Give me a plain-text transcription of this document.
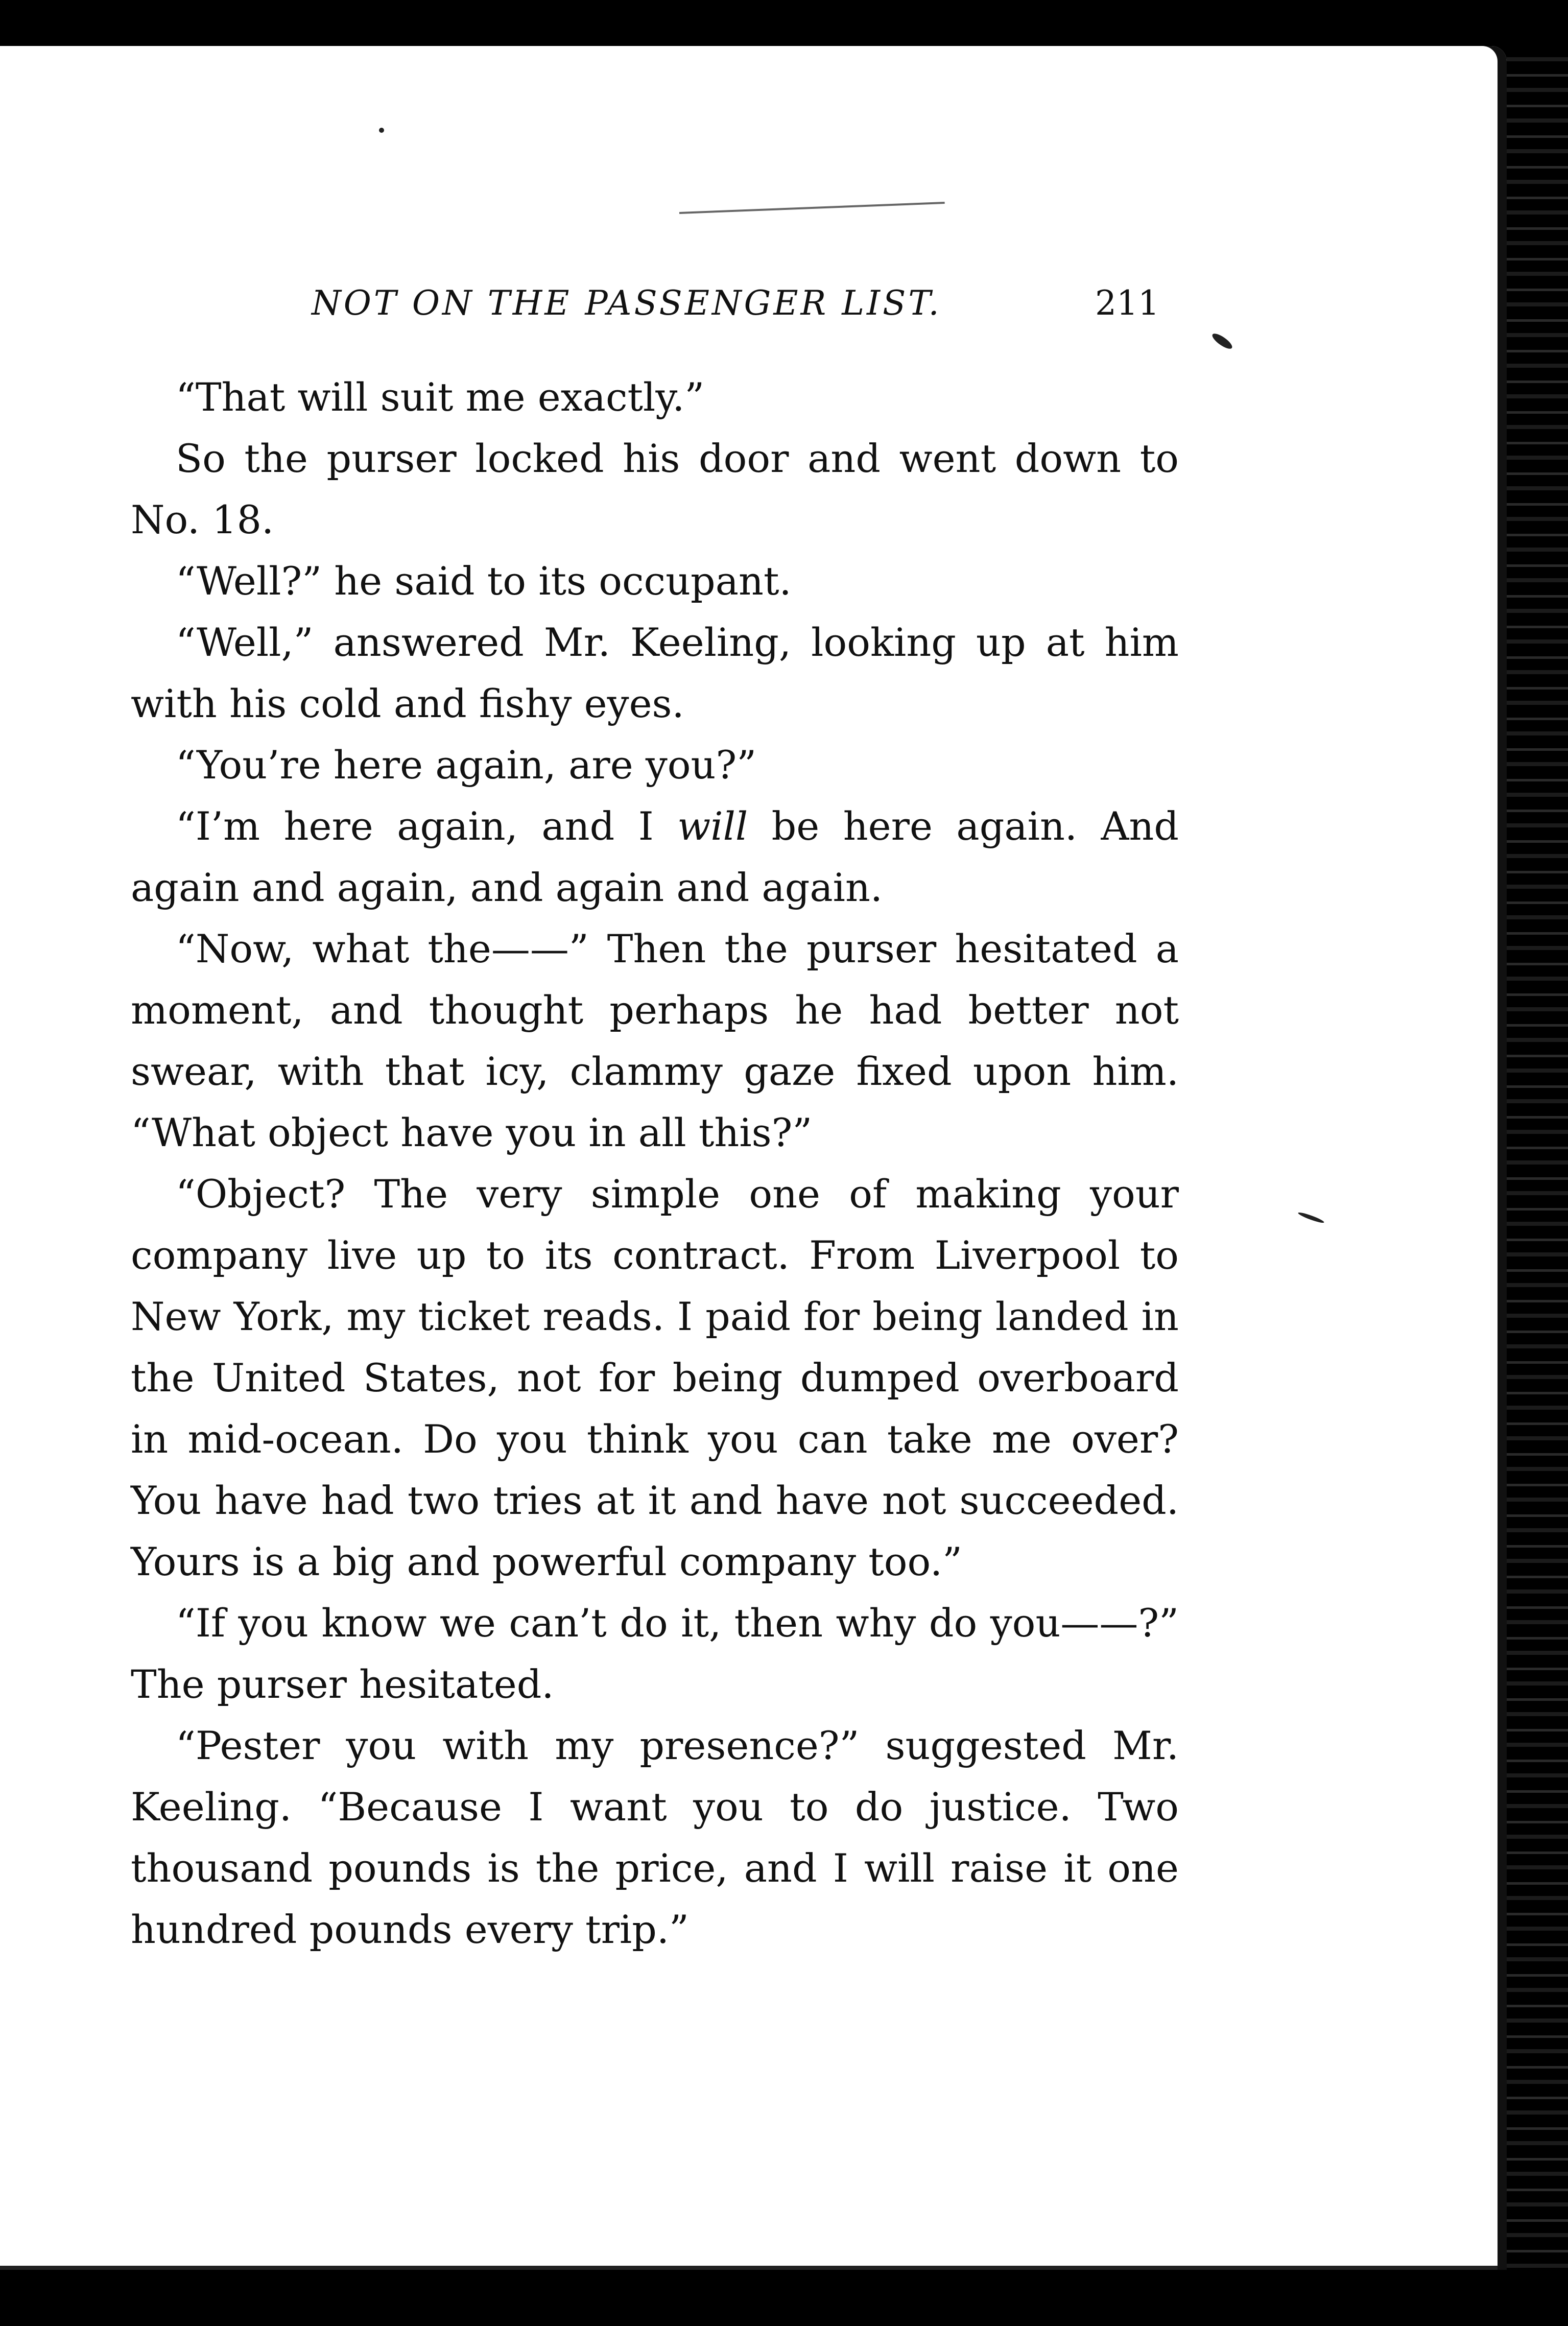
NOT ON THE PASSENGER LIST.	211

“That will suit me exactly.”

So the purser locked his door and went down to No. 18.

“Well?” he said to its occupant.

“Well,” answered Mr. Keeling, looking up at him with his cold and fishy eyes.

“You’re here again, are you?”

“I’m here again, and I will be here again. And again and again, and again and again.

“Now, what the——” Then the purser hesitated a moment, and thought perhaps he had better not swear, with that icy, clammy gaze fixed upon him. “What object have you in all this?”

“Object? The very simple one of making your company live up to its contract. From Liverpool to New York, my ticket reads. I paid for being landed in the United States, not for being dumped overboard in mid-ocean. Do you think you can take me over? You have had two tries at it and have not succeeded. Yours is a big and powerful company too.”

“If you know we can’t do it, then why do you——?” The purser hesitated.

“Pester you with my presence?” suggested Mr. Keeling. “Because I want you to do justice. Two thousand pounds is the price, and I will raise it one hundred pounds every trip.”
